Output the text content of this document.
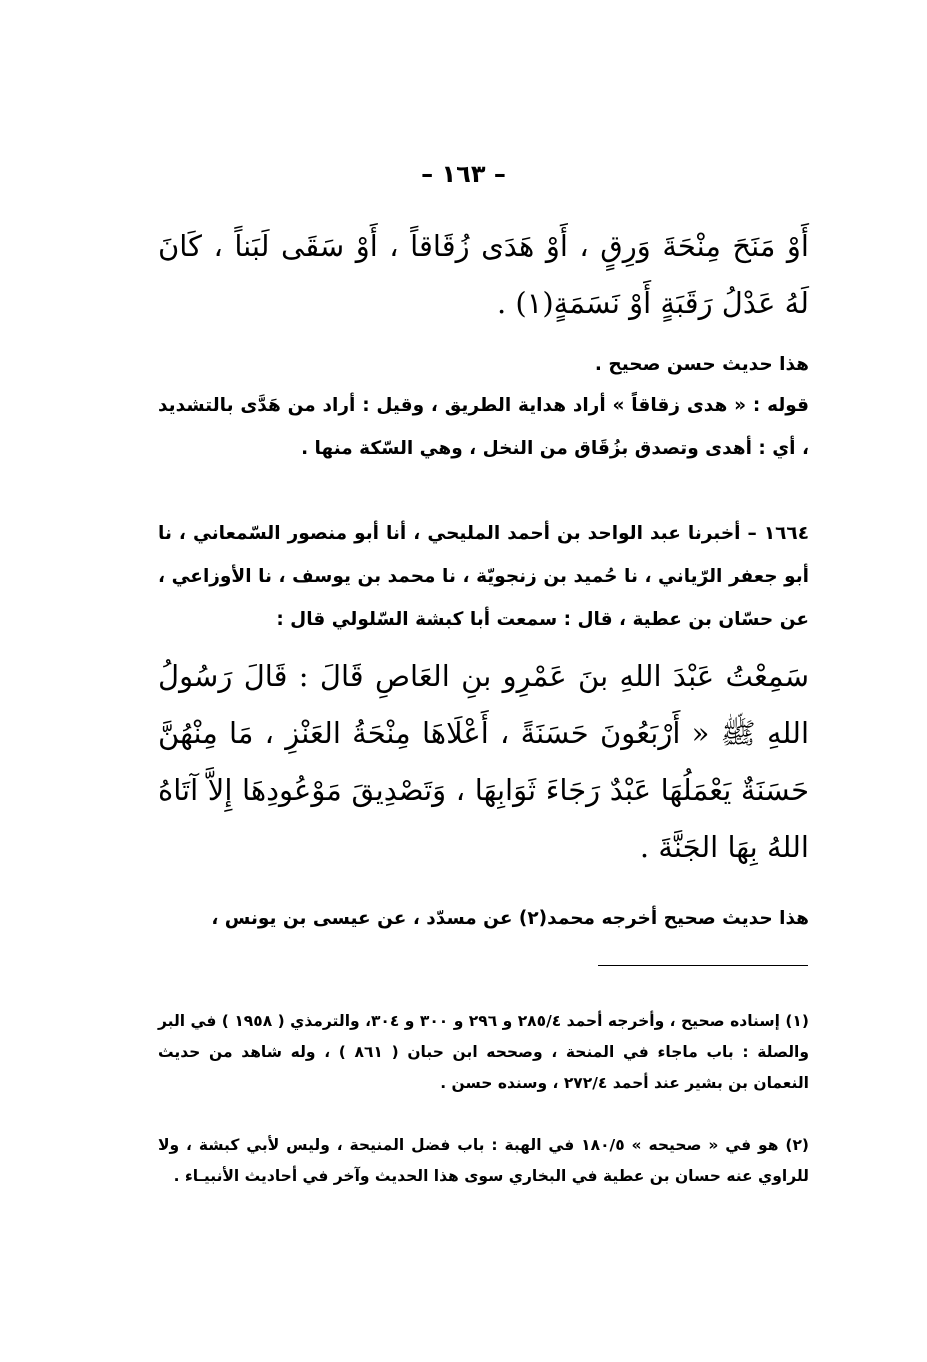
– ١٦٣ –
أَوْ مَنَحَ مِنْحَةَ وَرِقٍ ، أَوْ هَدَى زُقَاقاً ، أَوْ سَقَى لَبَناً ، كَانَ لَهُ عَدْلُ رَقَبَةٍ أَوْ نَسَمَةٍ(١) .
هذا حديث حسن صحيح .
قوله : « هدى زقاقاً » أراد هداية الطريق ، وقيل : أراد من هَدَّى بالتشديد ، أي : أهدى وتصدق بزُقَاق من النخل ، وهي السّكة منها .
١٦٦٤ – أخبرنا عبد الواحد بن أحمد المليحي ، أنا أبو منصور السّمعاني ، نا أبو جعفر الرّياني ، نا حُميد بن زنجويّة ، نا محمد بن يوسف ، نا الأوزاعي ، عن حسّان بن عطية ، قال : سمعت أبا كبشة السّلولي قال :
سَمِعْتُ عَبْدَ اللهِ بنَ عَمْرِو بنِ العَاصِ قَالَ : قَالَ رَسُولُ اللهِ ﷺ « أَرْبَعُونَ حَسَنَةً ، أَعْلَاهَا مِنْحَةُ العَنْزِ ، مَا مِنْهُنَّ حَسَنَةٌ يَعْمَلُهَا عَبْدٌ رَجَاءَ ثَوَابِهَا ، وَتَصْدِيقَ مَوْعُودِهَا إِلاَّ آتَاهُ اللهُ بِهَا الجَنَّةَ .
هذا حديث صحيح أخرجه محمد(٢) عن مسدّد ، عن عيسى بن يونس ،
(١) إسناده صحيح ، وأخرجه أحمد ٢٨٥/٤ و ٢٩٦ و ٣٠٠ و ٣٠٤، والترمذي ( ١٩٥٨ ) في البر والصلة : باب ماجاء في المنحة ، وصححه ابن حبان ( ٨٦١ ) ، وله شاهد من حديث النعمان بن بشير عند أحمد ٢٧٢/٤ ، وسنده حسن .
(٢) هو في « صحيحه » ١٨٠/٥ في الهبة : باب فضل المنيحة ، وليس لأبي كبشة ، ولا للراوي عنه حسان بن عطية في البخاري سوى هذا الحديث وآخر في أحاديث الأنبيـاء .
